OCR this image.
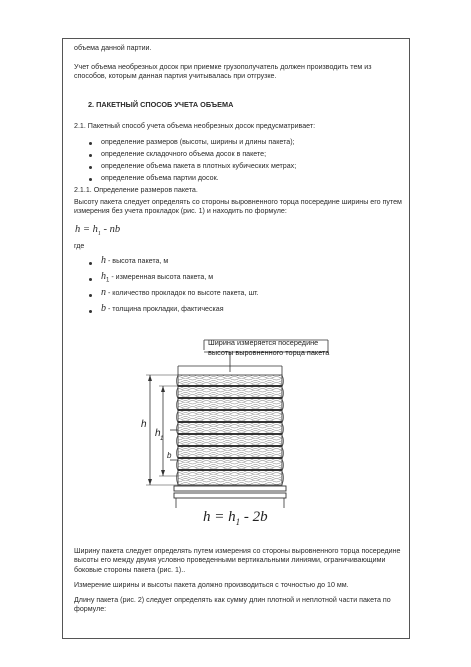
объема данной партии.

Учет объема необрезных досок при приемке грузополучатель должен производить тем из способов, которым данная партия учитывалась при отгрузке.

2. ПАКЕТНЫЙ СПОСОБ УЧЕТА ОБЪЕМА

2.1. Пакетный способ учета объема необрезных досок предусматривает:

определение размеров (высоты, ширины и длины пакета);
определение складочного объема досок в пакете;
определение объема пакета в плотных кубических метрах;
определение объема партии досок.

2.1.1. Определение размеров пакета.

Высоту пакета следует определять со стороны выровненного торца посередине ширины его путем измерения без учета прокладок (рис. 1) и находить по формуле:

$h = h_1$ - nb

где

h - высота пакета, м
$h_1$ - измеренная высота пакета, м
n - количество прокладок по высоте пакета, шт.
b - толщина прокладки, фактическая
Ширина измеряется посередине
высоты выровненного торца пакета
h
h 1
b
$h = h_1 - 2b$

Ширину пакета следует определять путем измерения со стороны выровненного торца посередине высоты его между двумя условно проведенными вертикальными линиями, ограничивающими боковые стороны пакета (рис. 1)..

Измерение ширины и высоты пакета должно производиться с точностью до 10 мм.

Длину пакета (рис. 2) следует определять как сумму длин плотной и неплотной части пакета по формуле:
